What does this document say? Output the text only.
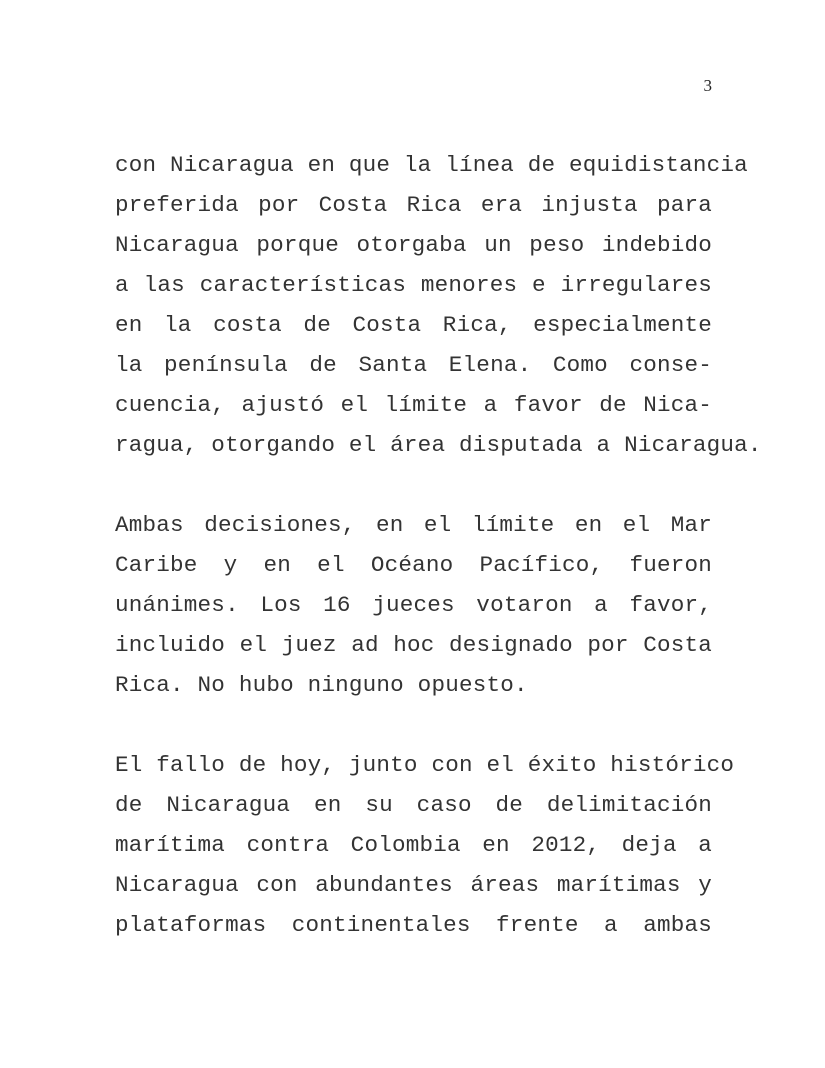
3
con Nicaragua en que la línea de equidistancia
preferida por Costa Rica era injusta para
Nicaragua porque otorgaba un peso indebido
a las características menores e irregulares
en la costa de Costa Rica, especialmente
la península de Santa Elena. Como conse-
cuencia, ajustó el límite a favor de Nica-
ragua, otorgando el área disputada a Nicaragua.
Ambas decisiones, en el límite en el Mar
Caribe y en el Océano Pacífico, fueron
unánimes. Los 16 jueces votaron a favor,
incluido el juez ad hoc designado por Costa
Rica. No hubo ninguno opuesto.
El fallo de hoy, junto con el éxito histórico
de Nicaragua en su caso de delimitación
marítima contra Colombia en 2012, deja a
Nicaragua con abundantes áreas marítimas y
plataformas continentales frente a ambas
